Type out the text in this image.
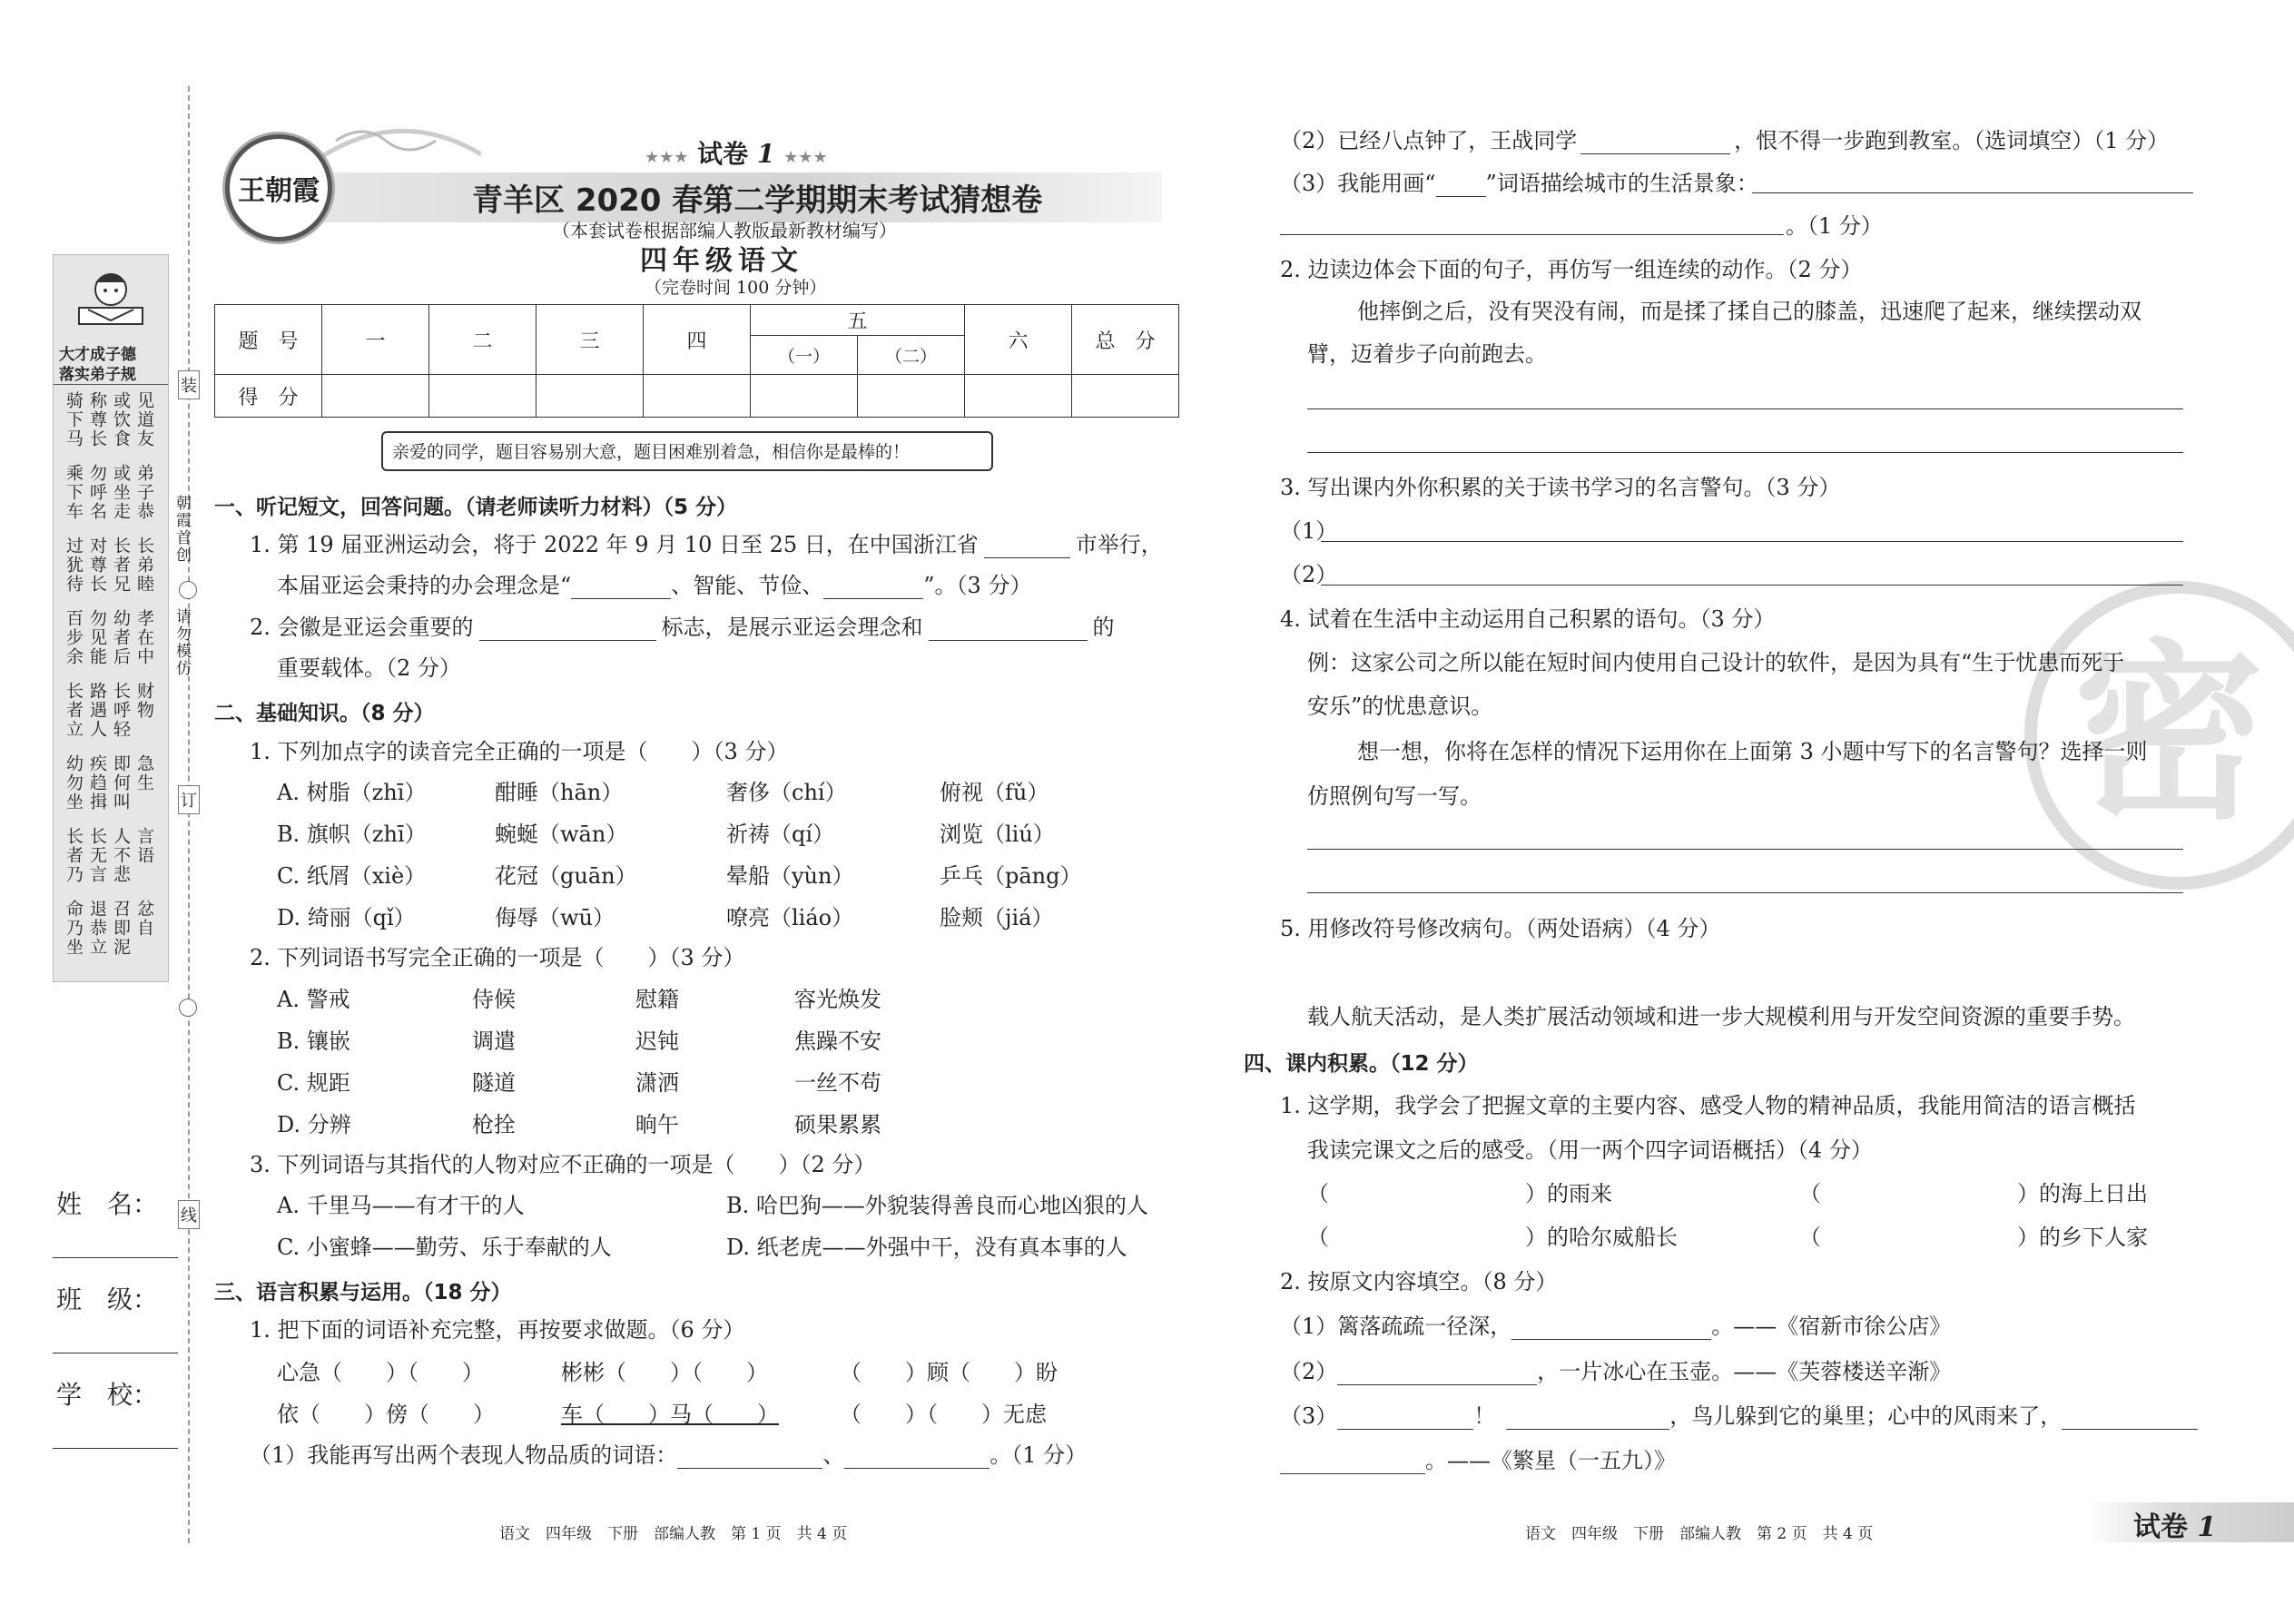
大才成子德
落实弟子规
骑下马 称尊长 或饮食 见道友
乘下车 勿呼名 或坐走 弟子恭
过犹待 对尊长 长者兄 长弟睦
百步余 勿见能 幼者后 孝在中
长者立 路遇人 长呼轻 财物
幼勿坐 疾趋揖 即何叫 急生
长者乃 长无言 人不悲 言语
命乃坐 退恭立 召即泥 忿自
装
朝霞首创
请勿模仿
订
线
姓　名：
班　级：
学　校：
王朝霞
★★★ 试卷 1 ★★★
青羊区 2020 春第二学期期末考试猜想卷
（本套试卷根据部编人教版最新教材编写）
四年级语文
（完卷时间 100 分钟）
题　号	一	二	三	四	五		六	总　分
					（一）	（二）		
得　分								
亲爱的同学，题目容易别大意，题目困难别着急，相信你是最棒的！
一、听记短文，回答问题。（请老师读听力材料）（5 分）
1. 第 19 届亚洲运动会，将于 2022 年 9 月 10 日至 25 日，在中国浙江省	市举行，
本届亚运会秉持的办会理念是“	、智能、节俭、	”。（3 分）
2. 会徽是亚运会重要的	标志，是展示亚运会理念和	的
重要载体。（2 分）
二、基础知识。（8 分）
1. 下列加点字的读音完全正确的一项是（　　）（3 分）
2. 下列词语书写完全正确的一项是（　　）（3 分）
3. 下列词语与其指代的人物对应不正确的一项是（　　）（2 分）
三、语言积累与运用。（18 分）
1. 把下面的词语补充完整，再按要求做题。（6 分）
（1）我能再写出两个表现人物品质的词语：	、	。（1 分）
语文　四年级　下册　部编人教　第 1 页　共 4 页
密
（2）已经八点钟了，王战同学	，恨不得一步跑到教室。（选词填空）（1 分）
（3）我能用画“ ”词语描绘城市的生活景象：
。（1 分）
2. 边读边体会下面的句子，再仿写一组连续的动作。（2 分）
他摔倒之后，没有哭没有闹，而是揉了揉自己的膝盖，迅速爬了起来，继续摆动双
臂，迈着步子向前跑去。
3. 写出课内外你积累的关于读书学习的名言警句。（3 分）
（1）
（2）
4. 试着在生活中主动运用自己积累的语句。（3 分）
例：这家公司之所以能在短时间内使用自己设计的软件，是因为具有“生于忧患而死于
安乐”的忧患意识。
想一想，你将在怎样的情况下运用你在上面第 3 小题中写下的名言警句？选择一则
仿照例句写一写。
5. 用修改符号修改病句。（两处语病）（4 分）
载人航天活动，是人类扩展活动领域和进一步大规模利用与开发空间资源的重要手势。
四、课内积累。（12 分）
1. 这学期，我学会了把握文章的主要内容、感受人物的精神品质，我能用简洁的语言概括
我读完课文之后的感受。（用一两个四字词语概括）（4 分）
2. 按原文内容填空。（8 分）
（1）篱落疏疏一径深，	。——《宿新市徐公店》
（2）	，一片冰心在玉壶。——《芙蓉楼送辛渐》
（3）	！	，鸟儿躲到它的巢里；心中的风雨来了，
。——《繁星（一五九）》
语文　四年级　下册　部编人教　第 2 页　共 4 页	试卷 1
A. 树脂（zhī）	酣睡（hān）	奢侈（chí）	俯视（fǔ）
B. 旗帜（zhī）	蜿蜒（wān）	祈祷（qí）	浏览（liú）
C. 纸屑（xiè）	花冠（guān）	晕船（yùn）	乒乓（pāng）
D. 绮丽（qǐ）	侮辱（wū）	嘹亮（liáo）	脸颊（jiá）
A. 警戒	侍候	慰籍	容光焕发
B. 镶嵌	调遣	迟钝	焦躁不安
C. 规距	隧道	潇洒	一丝不苟
D. 分辨	枪拴	晌午	硕果累累
A. 千里马——有才干的人	B. 哈巴狗——外貌装得善良而心地凶狠的人
C. 小蜜蜂——勤劳、乐于奉献的人	D. 纸老虎——外强中干，没有真本事的人
心急（　　）（　　）	彬彬（　　）（　　）	（　　）顾（　　）盼
依（　　）傍（　　）	车（　　）马（　　）	（　　）（　　）无虑
（	）的雨来	（	）的海上日出
（	）的哈尔威船长	（	）的乡下人家
